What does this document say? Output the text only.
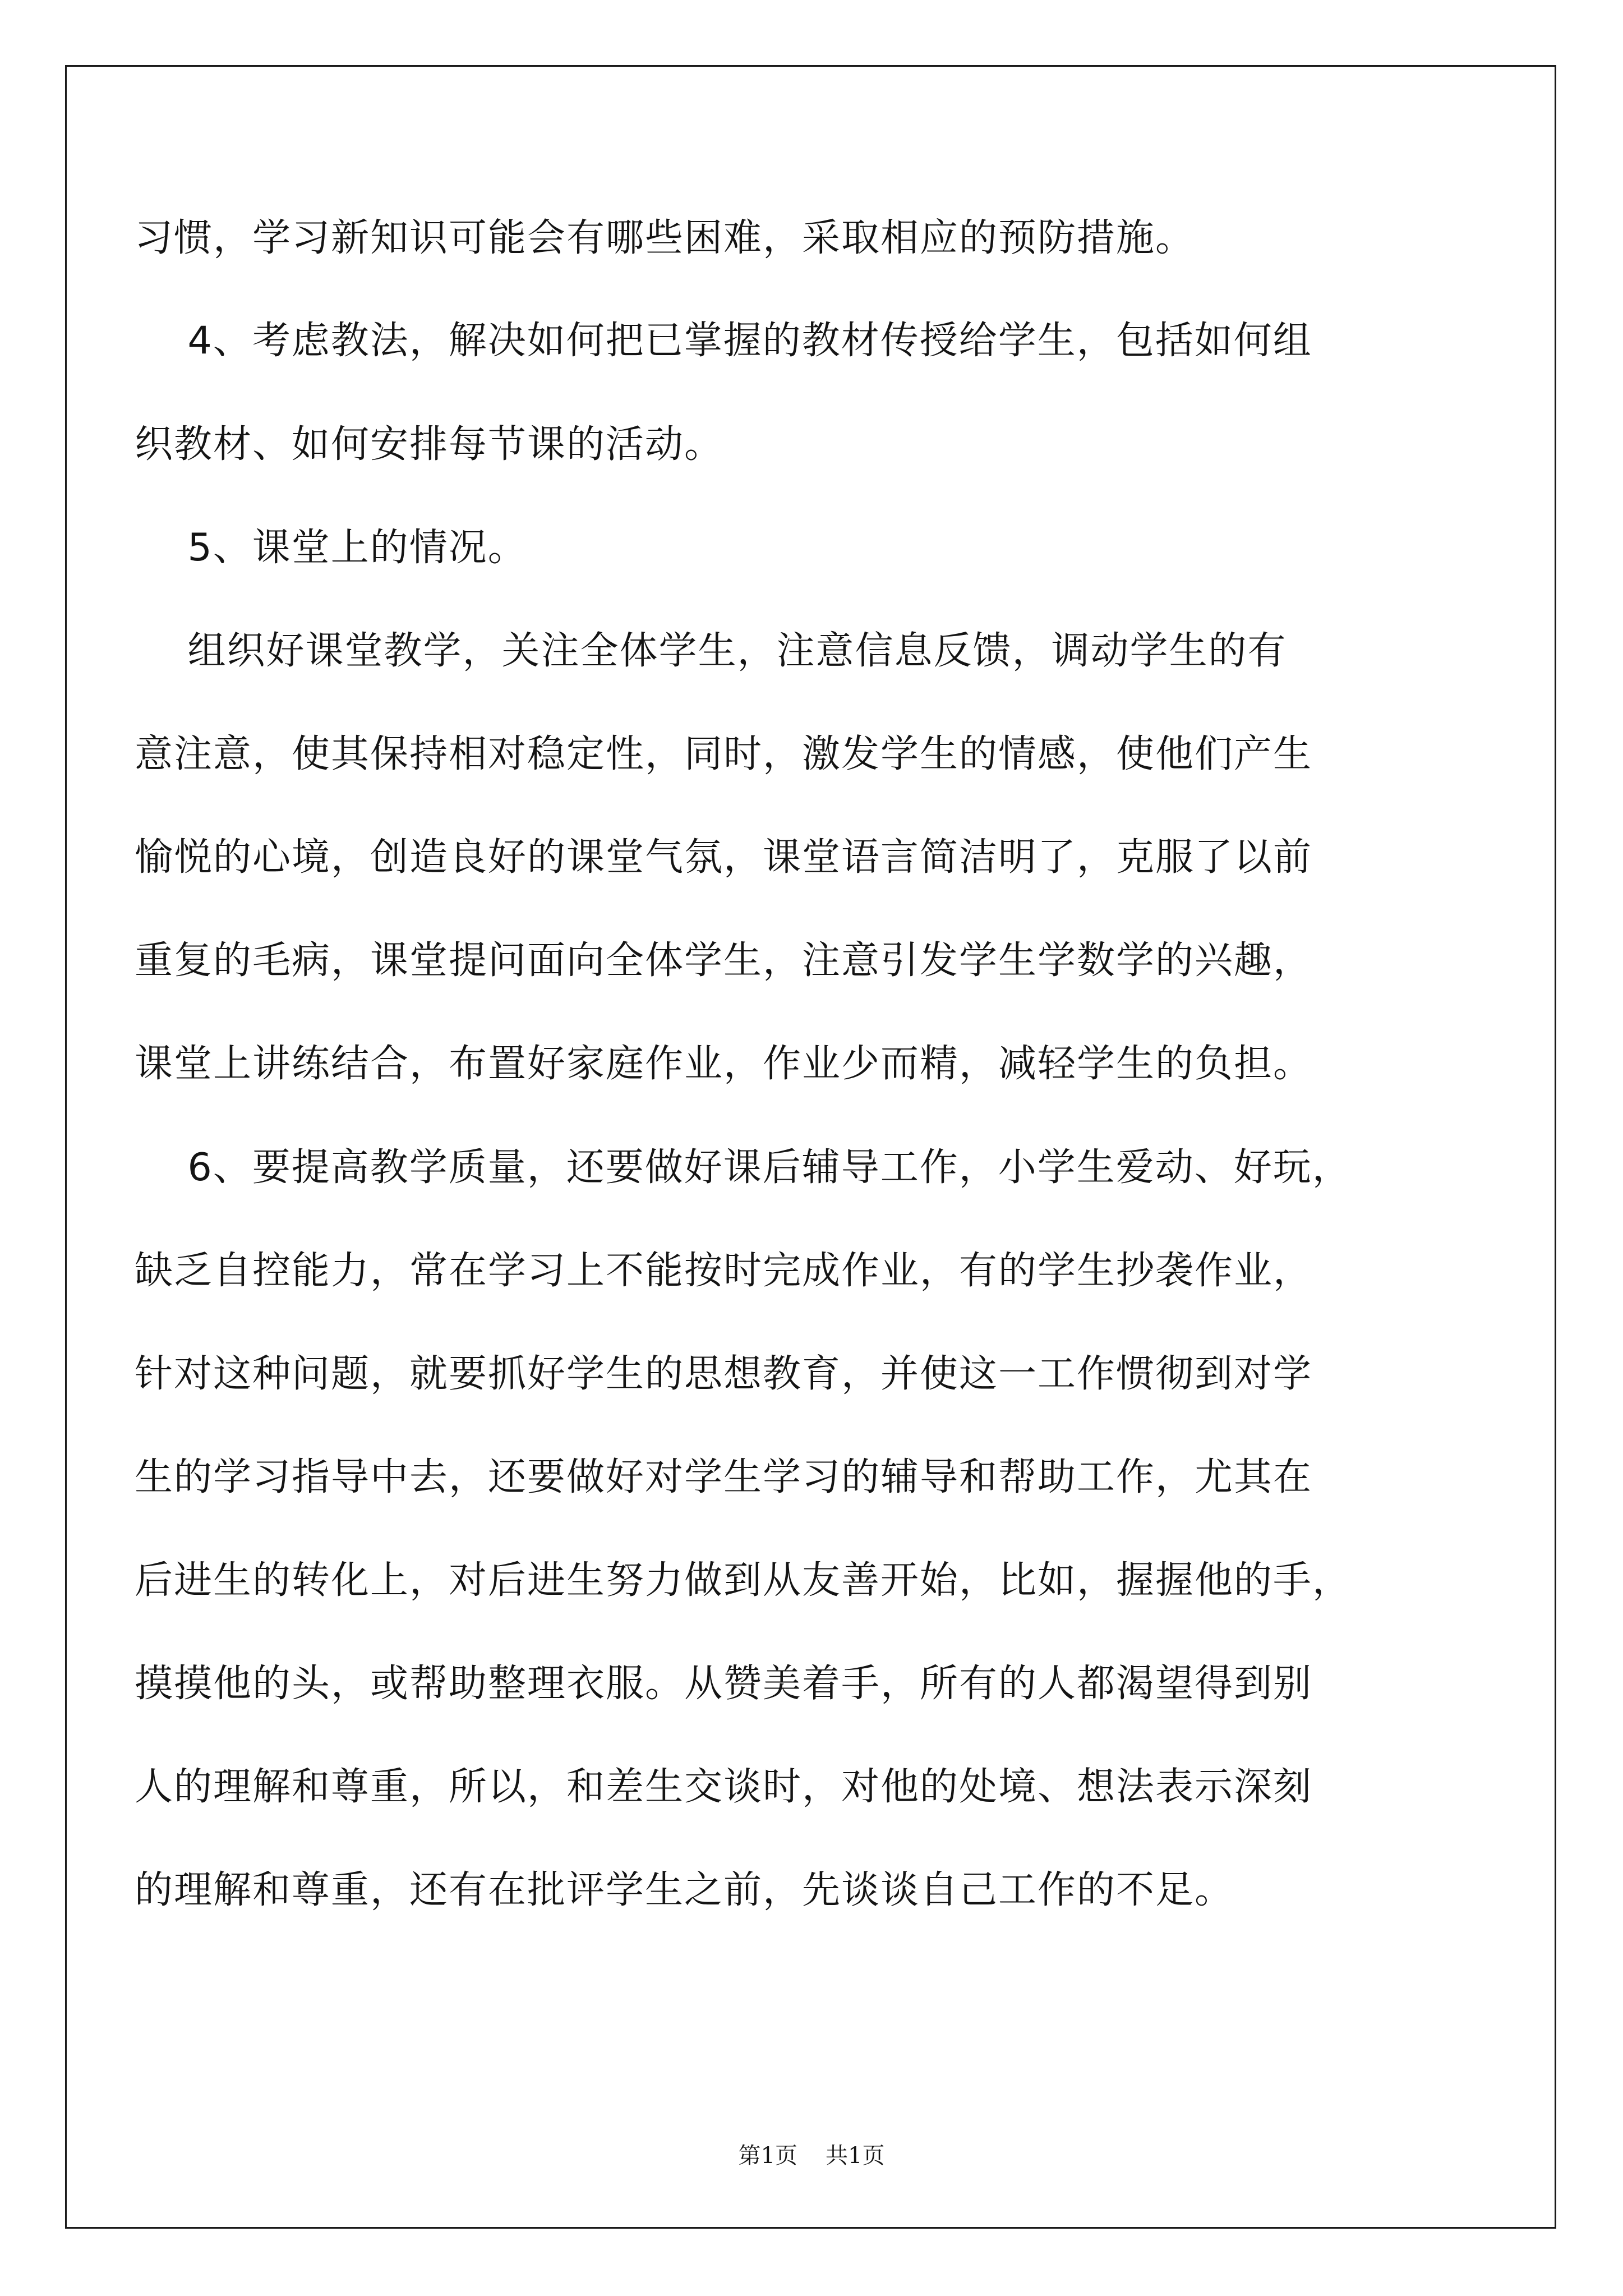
习惯，学习新知识可能会有哪些困难，采取相应的预防措施。
4、考虑教法，解决如何把已掌握的教材传授给学生，包括如何组
织教材、如何安排每节课的活动。
5、课堂上的情况。
组织好课堂教学，关注全体学生，注意信息反馈，调动学生的有
意注意，使其保持相对稳定性，同时，激发学生的情感，使他们产生
愉悦的心境，创造良好的课堂气氛，课堂语言简洁明了，克服了以前
重复的毛病，课堂提问面向全体学生，注意引发学生学数学的兴趣，
课堂上讲练结合，布置好家庭作业，作业少而精，减轻学生的负担。
6、要提高教学质量，还要做好课后辅导工作，小学生爱动、好玩，
缺乏自控能力，常在学习上不能按时完成作业，有的学生抄袭作业，
针对这种问题，就要抓好学生的思想教育，并使这一工作惯彻到对学
生的学习指导中去，还要做好对学生学习的辅导和帮助工作，尤其在
后进生的转化上，对后进生努力做到从友善开始，比如，握握他的手，
摸摸他的头，或帮助整理衣服。从赞美着手，所有的人都渴望得到别
人的理解和尊重，所以，和差生交谈时，对他的处境、想法表示深刻
的理解和尊重，还有在批评学生之前，先谈谈自己工作的不足。
第1页 共1页
